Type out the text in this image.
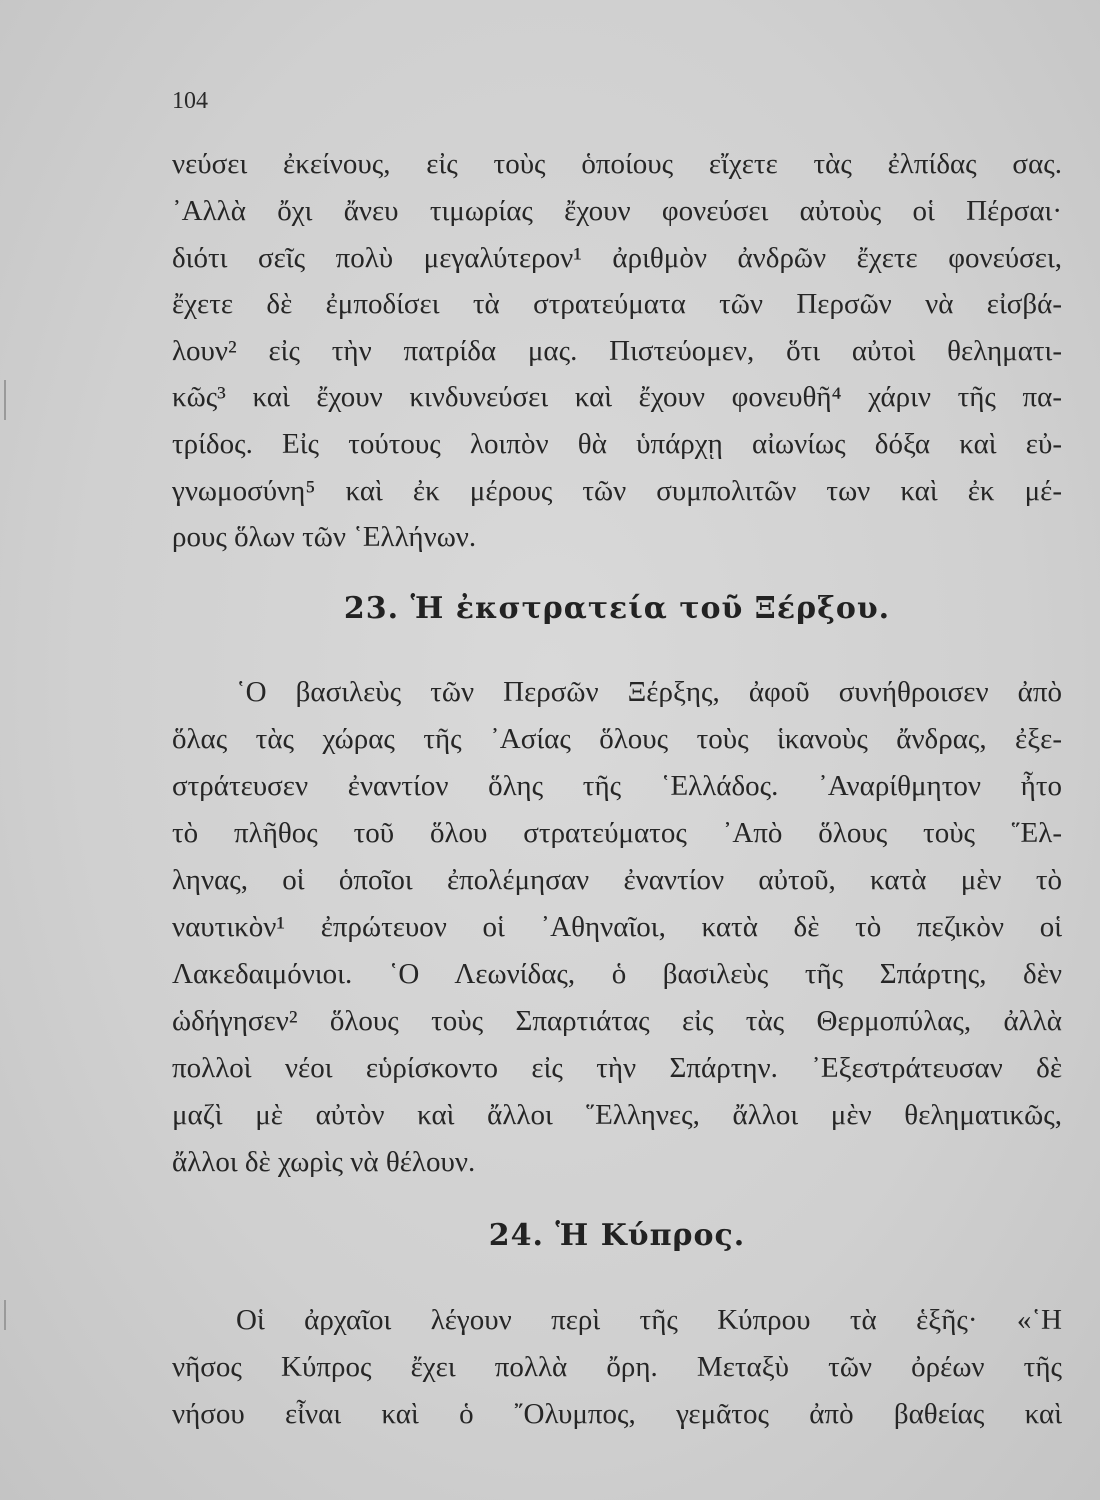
104
νεύσει ἐκείνους, εἰς τοὺς ὁποίους εἴχετε τὰς ἐλπίδας σας.
᾿Αλλὰ ὄχι ἄνευ τιμωρίας ἔχουν φονεύσει αὐτοὺς οἱ Πέρσαι·
διότι σεῖς πολὺ μεγαλύτερον¹ ἀριθμὸν ἀνδρῶν ἔχετε φονεύσει,
ἔχετε δὲ ἐμποδίσει τὰ στρατεύματα τῶν Περσῶν νὰ εἰσβά-
λουν² εἰς τὴν πατρίδα μας. Πιστεύομεν, ὅτι αὐτοὶ θεληματι-
κῶς³ καὶ ἔχουν κινδυνεύσει καὶ ἔχουν φονευθῆ⁴ χάριν τῆς πα-
τρίδος. Εἰς τούτους λοιπὸν θὰ ὑπάρχῃ αἰωνίως δόξα καὶ εὐ-
γνωμοσύνη⁵ καὶ ἐκ μέρους τῶν συμπολιτῶν των καὶ ἐκ μέ-
ρους ὅλων τῶν ῾Ελλήνων.
23. Ἡ ἐκστρατεία τοῦ Ξέρξου.
῾Ο βασιλεὺς τῶν Περσῶν Ξέρξης, ἀφοῦ συνήθροισεν ἀπὸ
ὅλας τὰς χώρας τῆς ᾿Ασίας ὅλους τοὺς ἱκανοὺς ἄνδρας, ἐξε-
στράτευσεν ἐναντίον ὅλης τῆς ῾Ελλάδος. ᾿Αναρίθμητον ἦτο
τὸ πλῆθος τοῦ ὅλου στρατεύματος ᾿Απὸ ὅλους τοὺς ῞Ελ-
ληνας, οἱ ὁποῖοι ἐπολέμησαν ἐναντίον αὐτοῦ, κατὰ μὲν τὸ
ναυτικὸν¹ ἐπρώτευον οἱ ᾿Αθηναῖοι, κατὰ δὲ τὸ πεζικὸν οἱ
Λακεδαιμόνιοι. ῾Ο Λεωνίδας, ὁ βασιλεὺς τῆς Σπάρτης, δὲν
ὡδήγησεν² ὅλους τοὺς Σπαρτιάτας εἰς τὰς Θερμοπύλας, ἀλλὰ
πολλοὶ νέοι εὑρίσκοντο εἰς τὴν Σπάρτην. ᾿Εξεστράτευσαν δὲ
μαζὶ μὲ αὐτὸν καὶ ἄλλοι ῞Ελληνες, ἄλλοι μὲν θεληματικῶς,
ἄλλοι δὲ χωρὶς νὰ θέλουν.
24. Ἡ Κύπρος.
Οἱ ἀρχαῖοι λέγουν περὶ τῆς Κύπρου τὰ ἑξῆς· «῾Η
νῆσος Κύπρος ἔχει πολλὰ ὄρη. Μεταξὺ τῶν ὀρέων τῆς
νήσου εἶναι καὶ ὁ ῎Ολυμπος, γεμᾶτος ἀπὸ βαθείας καὶ
